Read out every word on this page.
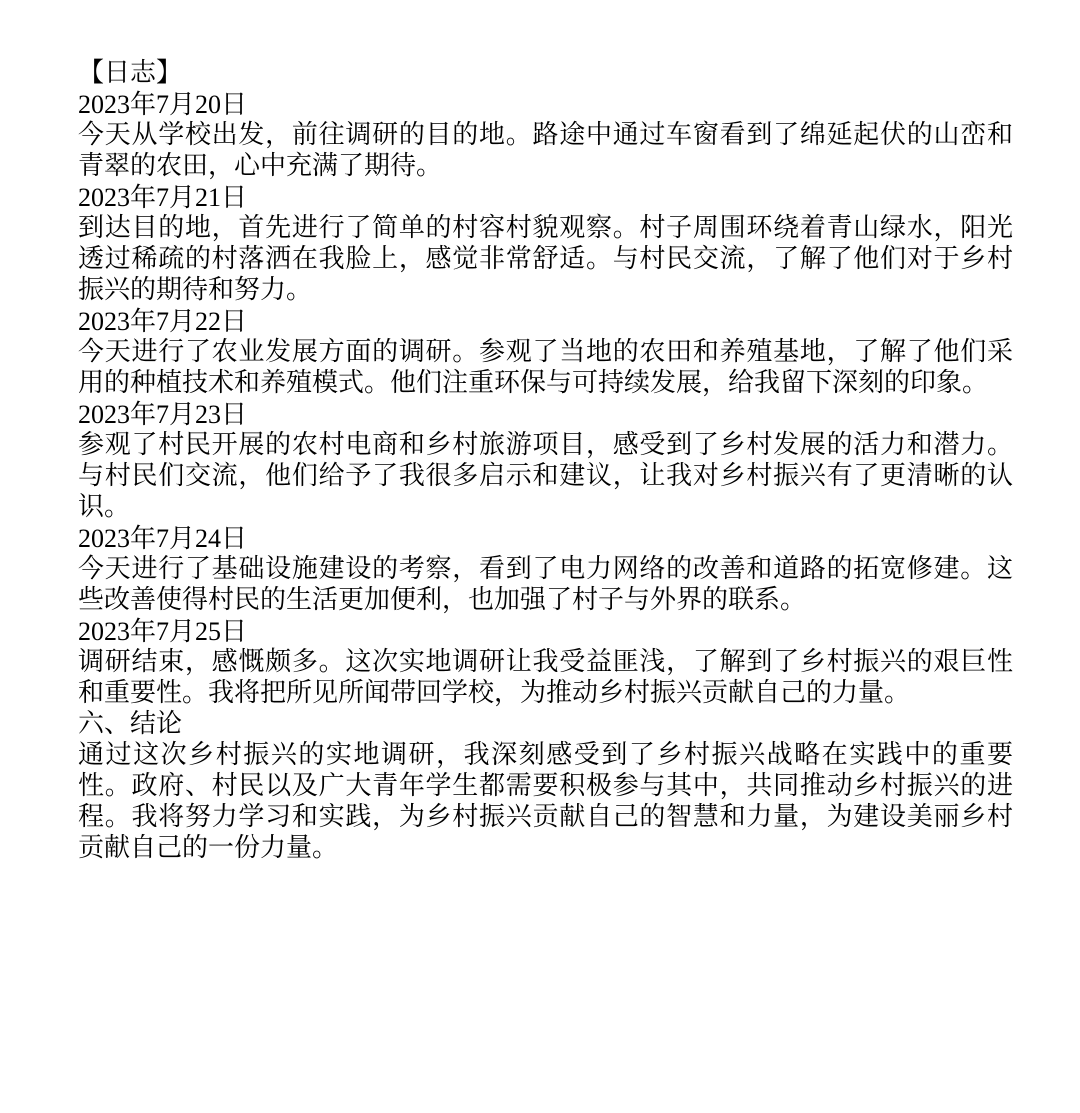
【日志】
2023年7月20日
今天从学校出发，前往调研的目的地。路途中通过车窗看到了绵延起伏的山峦和青翠的农田，心中充满了期待。
2023年7月21日
到达目的地，首先进行了简单的村容村貌观察。村子周围环绕着青山绿水，阳光透过稀疏的村落洒在我脸上，感觉非常舒适。与村民交流，了解了他们对于乡村振兴的期待和努力。
2023年7月22日
今天进行了农业发展方面的调研。参观了当地的农田和养殖基地，了解了他们采用的种植技术和养殖模式。他们注重环保与可持续发展，给我留下深刻的印象。
2023年7月23日
参观了村民开展的农村电商和乡村旅游项目，感受到了乡村发展的活力和潜力。与村民们交流，他们给予了我很多启示和建议，让我对乡村振兴有了更清晰的认识。
2023年7月24日
今天进行了基础设施建设的考察，看到了电力网络的改善和道路的拓宽修建。这些改善使得村民的生活更加便利，也加强了村子与外界的联系。
2023年7月25日
调研结束，感慨颇多。这次实地调研让我受益匪浅，了解到了乡村振兴的艰巨性和重要性。我将把所见所闻带回学校，为推动乡村振兴贡献自己的力量。
六、结论
通过这次乡村振兴的实地调研，我深刻感受到了乡村振兴战略在实践中的重要性。政府、村民以及广大青年学生都需要积极参与其中，共同推动乡村振兴的进程。我将努力学习和实践，为乡村振兴贡献自己的智慧和力量，为建设美丽乡村贡献自己的一份力量。
